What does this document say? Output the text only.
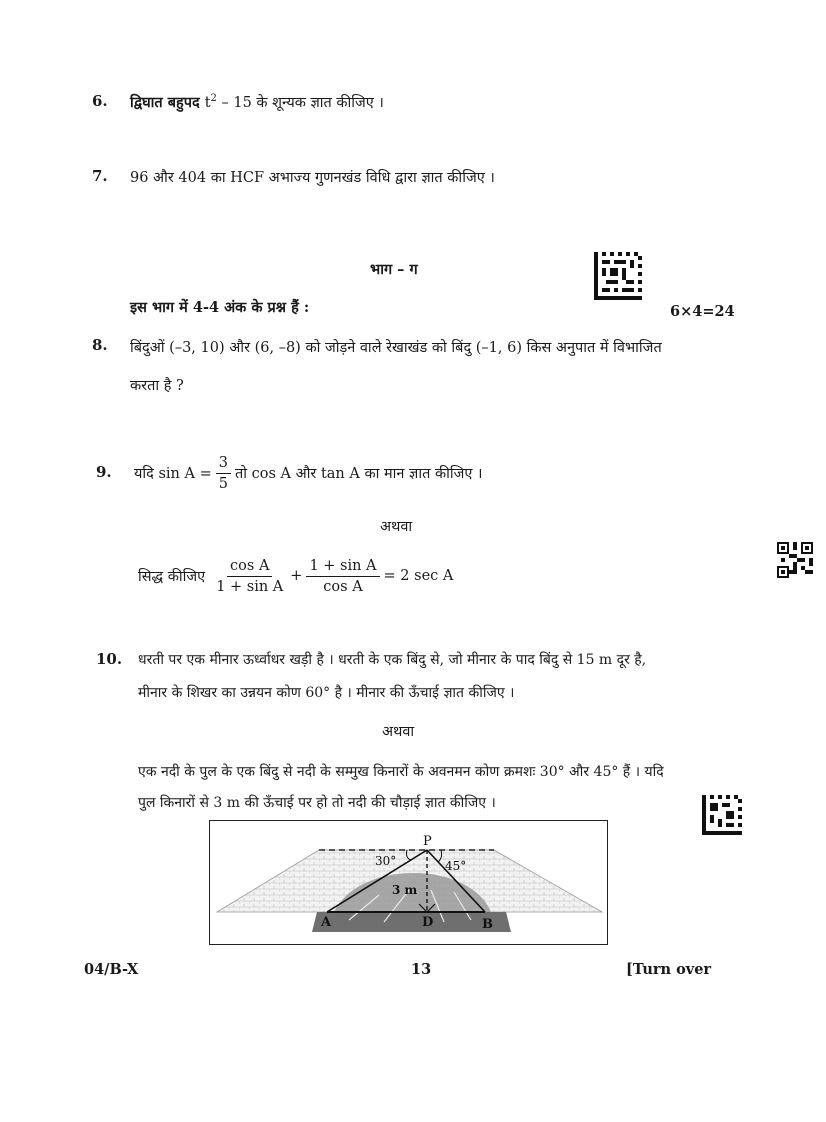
6. द्विघात बहुपद $t^2 - 15$ के शून्यक ज्ञात कीजिए ।
7. 96 और 404 का HCF अभाज्य गुणनखंड विधि द्वारा ज्ञात कीजिए ।
भाग – ग
इस भाग में 4-4 अंक के प्रश्न हैं :	6×4=24
8. बिंदुओं (–3, 10) और (6, –8) को जोड़ने वाले रेखाखंड को बिंदु (–1, 6) किस अनुपात में विभाजित
करता है ?
9. यदि $\sin A = \frac{3}{5}$ तो cos A और tan A का मान ज्ञात कीजिए ।
अथवा
सिद्ध कीजिए $\frac{\text{cos A}}{\text{1 + sin A}} + \frac{\text{1 + sin A}}{\text{cos A}} = 2$ sec A
10. धरती पर एक मीनार ऊर्ध्वाधर खड़ी है । धरती के एक बिंदु से, जो मीनार के पाद बिंदु से 15 m दूर है,
मीनार के शिखर का उन्नयन कोण 60° है । मीनार की ऊँचाई ज्ञात कीजिए ।
अथवा
एक नदी के पुल के एक बिंदु से नदी के सम्मुख किनारों के अवनमन कोण क्रमशः 30° और 45° हैं । यदि
पुल किनारों से 3 m की ऊँचाई पर हो तो नदी की चौड़ाई ज्ञात कीजिए ।
P
30°	45°
3 m
A	D	B
04/B-X	13	[Turn over
